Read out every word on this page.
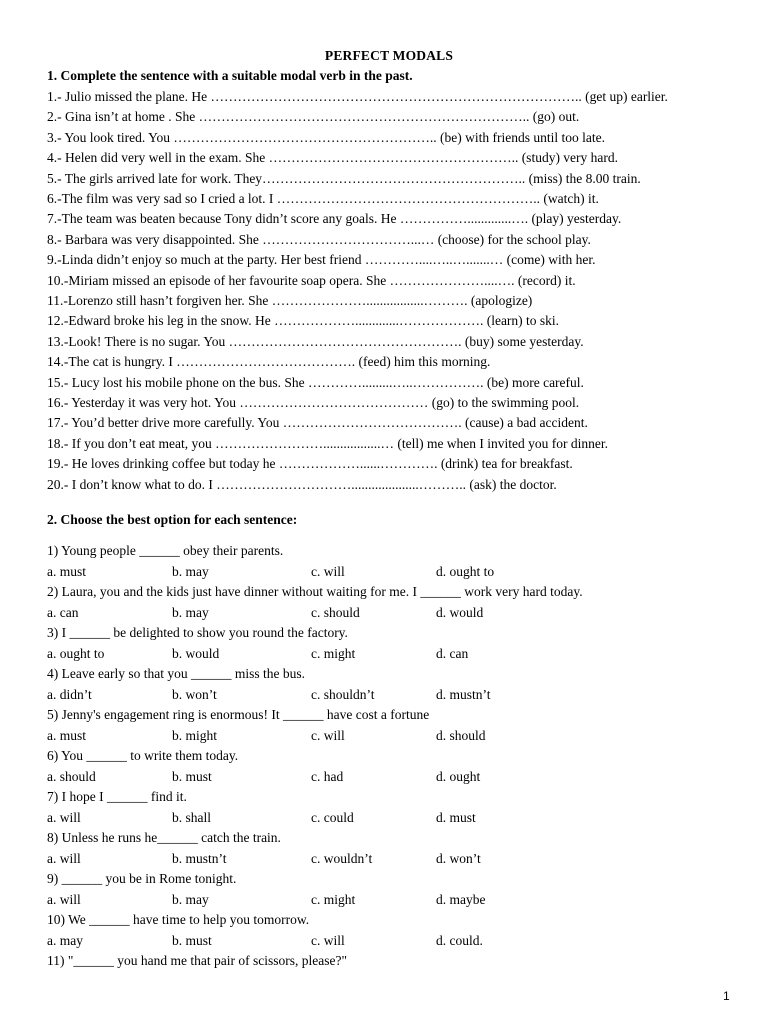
PERFECT MODALS
1. Complete the sentence with a suitable modal verb in the past.
1.- Julio missed the plane. He ……………………………………………………………………….. (get up) earlier.
2.- Gina isn’t at home . She ……………………………………………………………….. (go) out.
3.- You look tired. You ………………………………………………….. (be) with friends until too late.
4.- Helen did very well in the exam. She ……………………………………………….. (study) very hard.
5.- The girls arrived late for work. They………………………………………………….. (miss) the 8.00 train.
6.-The film was very sad so I cried a lot. I ………………………………………………….. (watch) it.
7.-The team was beaten because Tony didn’t score any goals. He …………….............…. (play) yesterday.
8.- Barbara was very disappointed. She ……………………………...… (choose) for the school play.
9.-Linda didn’t enjoy so much at the party. Her best friend …………....…..….......… (come) with her.
10.-Miriam missed an episode of her favourite soap opera. She …………………....…. (record) it.
11.-Lorenzo still hasn’t forgiven her. She ………………….................………. (apologize)
12.-Edward broke his leg in the snow. He ……………….............………………. (learn) to ski.
13.-Look! There is no sugar. You ……………………………………………. (buy) some yesterday.
14.-The cat is hungry. I …………………………………. (feed) him this morning.
15.- Lucy lost his mobile phone on the bus. She ………….........…..……………. (be) more careful.
16.- Yesterday it was very hot. You …………………………………… (go) to the swimming pool.
17.- You’d better drive more carefully. You …………………………………. (cause) a bad accident.
18.- If you don’t eat meat, you …………………….................… (tell) me when I invited you for dinner.
19.- He loves drinking coffee but today he ………………......…………. (drink) tea for breakfast.
20.- I don’t know what to do. I …………………………....................……….. (ask) the doctor.
2. Choose the best option for each sentence:
1) Young people ______ obey their parents.
a. must	b. may	c. will	d. ought to
2) Laura, you and the kids just have dinner without waiting for me. I ______ work very hard today.
a. can	b. may	c. should	d. would
3) I ______ be delighted to show you round the factory.
a. ought to	b. would	c. might	d. can
4) Leave early so that you ______ miss the bus.
a. didn’t	b. won’t	c. shouldn’t	d. mustn’t
5) Jenny's engagement ring is enormous! It ______ have cost a fortune
a. must	b. might	c. will	d. should
6) You ______ to write them today.
a. should	b. must	c. had	d. ought
7) I hope I ______ find it.
a. will	b. shall	c. could	d. must
8) Unless he runs he______ catch the train.
a. will	b. mustn’t	c. wouldn’t	d. won’t
9) ______ you be in Rome tonight.
a. will	b. may	c. might	d. maybe
10) We ______ have time to help you tomorrow.
a. may	b. must	c. will	d. could.
11) "______ you hand me that pair of scissors, please?"
1
